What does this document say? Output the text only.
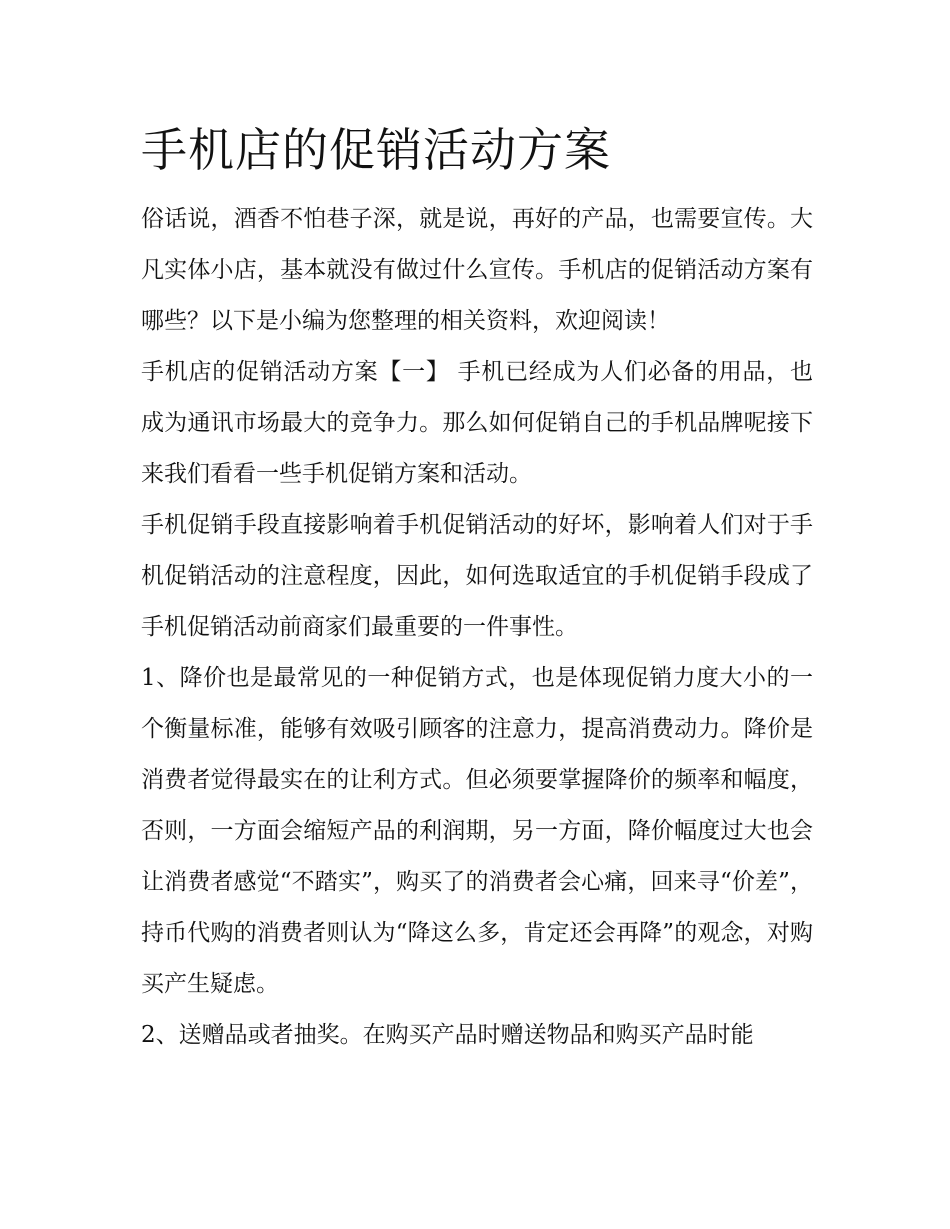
手机店的促销活动方案

俗话说，酒香不怕巷子深，就是说，再好的产品，也需要宣传。大凡实体小店，基本就没有做过什么宣传。手机店的促销活动方案有哪些？以下是小编为您整理的相关资料，欢迎阅读！

手机店的促销活动方案【一】 手机已经成为人们必备的用品，也成为通讯市场最大的竞争力。那么如何促销自己的手机品牌呢接下来我们看看一些手机促销方案和活动。

手机促销手段直接影响着手机促销活动的好坏，影响着人们对于手机促销活动的注意程度，因此，如何选取适宜的手机促销手段成了手机促销活动前商家们最重要的一件事性。

1、降价也是最常见的一种促销方式，也是体现促销力度大小的一个衡量标准，能够有效吸引顾客的注意力，提高消费动力。降价是消费者觉得最实在的让利方式。但必须要掌握降价的频率和幅度，否则，一方面会缩短产品的利润期，另一方面，降价幅度过大也会让消费者感觉“不踏实”，购买了的消费者会心痛，回来寻“价差”，持币代购的消费者则认为“降这么多，肯定还会再降”的观念，对购买产生疑虑。

2、送赠品或者抽奖。在购买产品时赠送物品和购买产品时能
